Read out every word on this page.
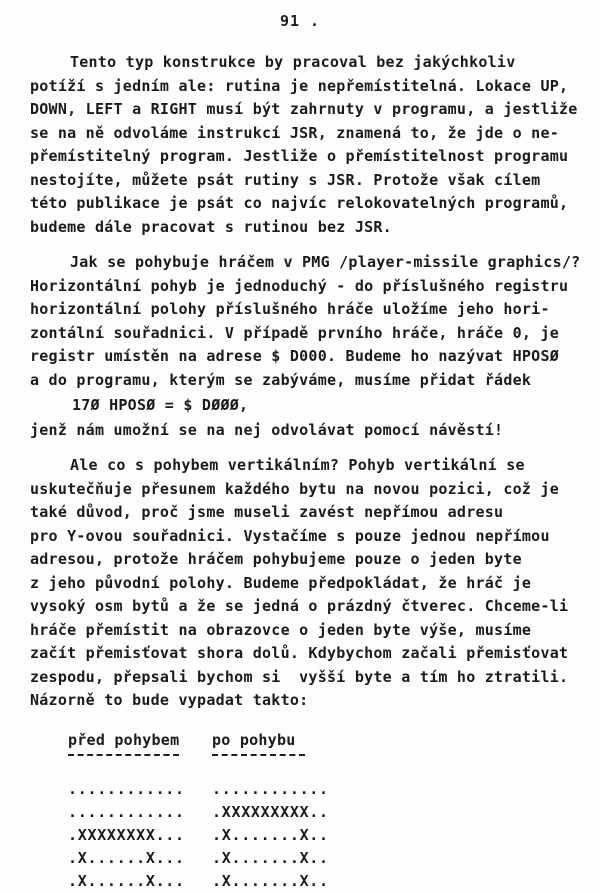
91 .
Tento typ konstrukce by pracoval bez jakýchkoliv
potíží s jedním ale: rutina je nepřemístitelná. Lokace UP,
DOWN, LEFT a RIGHT musí být zahrnuty v programu, a jestliže
se na ně odvoláme instrukcí JSR, znamená to, že jde o ne-
přemístitelný program. Jestliže o přemístitelnost programu
nestojíte, můžete psát rutiny s JSR. Protože však cílem
této publikace je psát co najvíc relokovatelných programů,
budeme dále pracovat s rutinou bez JSR.
Jak se pohybuje hráčem v PMG /player-missile graphics/?
Horizontální pohyb je jednoduchý - do příslušného registru
horizontální polohy příslušného hráče uložíme jeho hori-
zontální souřadnici. V případě prvního hráče, hráče 0, je
registr umístěn na adrese $ D000. Budeme ho nazývat HPOSØ
a do programu, kterým se zabýváme, musíme přidat řádek
17Ø HPOSØ = $ DØØØ,
jenž nám umožní se na nej odvolávat pomocí návěstí!
Ale co s pohybem vertikálním? Pohyb vertikální se
uskutečňuje přesunem každého bytu na novou pozici, což je
také důvod, proč jsme museli zavést nepřímou adresu
pro Y-ovou souřadnici. Vystačíme s pouze jednou nepřímou
adresou, protože hráčem pohybujeme pouze o jeden byte
z jeho původní polohy. Budeme předpokládat, že hráč je
vysoký osm bytů a že se jedná o prázdný čtverec. Chceme-li
hráče přemístit na obrazovce o jeden byte výše, musíme
začít přemisťovat shora dolů. Kdybychom začali přemisťovat
zespodu, přepsali bychom si  vyšší byte a tím ho ztratili.
Názorně to bude vypadat takto:
před pohybem	po pohybu
............	............
............	.XXXXXXXXX..
.XXXXXXXX...	.X.......X..
.X......X...	.X.......X..
.X......X...	.X.......X..
